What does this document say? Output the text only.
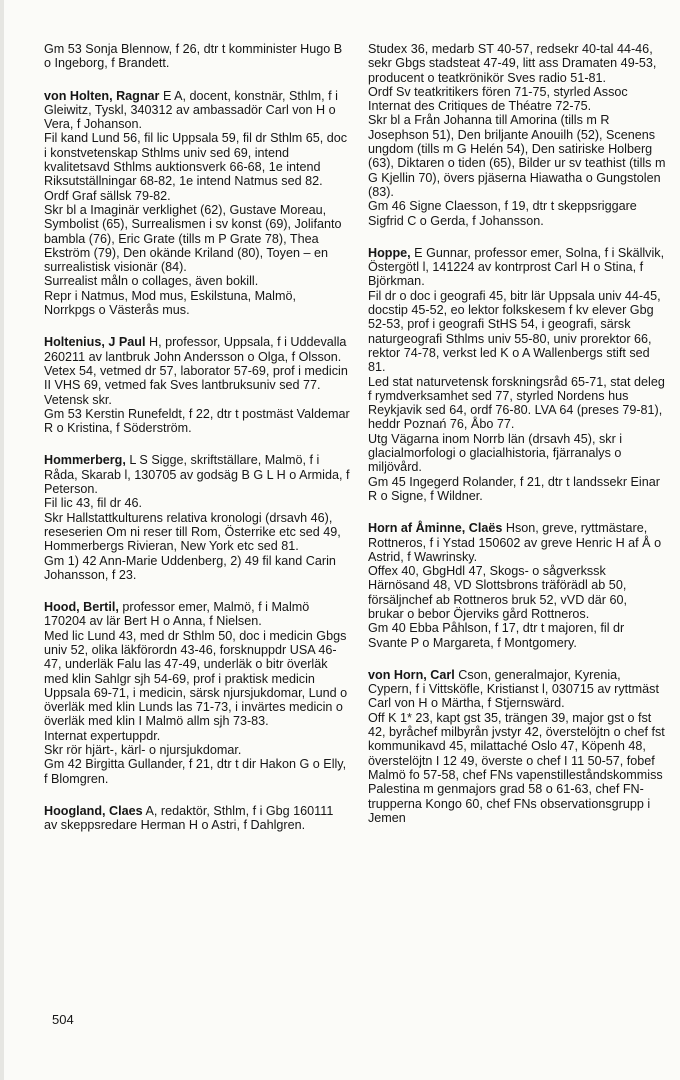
Gm 53 Sonja Blennow, f 26, dtr t komminister Hugo B o Ingeborg, f Brandett.

von Holten, Ragnar E A, docent, konstnär, Sthlm, f i Gleiwitz, Tyskl, 340312 av ambassadör Carl von H o Vera, f Johanson.

Fil kand Lund 56, fil lic Uppsala 59, fil dr Sthlm 65, doc i konstvetenskap Sthlms univ sed 69, intend kvalitetsavd Sthlms auktionsverk 66-68, 1e intend Riksutställningar 68-82, 1e intend Natmus sed 82.

Ordf Graf sällsk 79-82.

Skr bl a Imaginär verklighet (62), Gustave Moreau, Symbolist (65), Surrealismen i sv konst (69), Jolifanto bambla (76), Eric Grate (tills m P Grate 78), Thea Ekström (79), Den okände Kriland (80), Toyen – en surrealistisk visionär (84).

Surrealist måln o collages, även bokill.

Repr i Natmus, Mod mus, Eskilstuna, Malmö, Norrkpgs o Västerås mus.

Holtenius, J Paul H, professor, Uppsala, f i Uddevalla 260211 av lantbruk John Andersson o Olga, f Olsson.

Vetex 54, vetmed dr 57, laborator 57-69, prof i medicin II VHS 69, vetmed fak Sves lantbruksuniv sed 77.

Vetensk skr.

Gm 53 Kerstin Runefeldt, f 22, dtr t postmäst Valdemar R o Kristina, f Söderström.

Hommerberg, L S Sigge, skriftställare, Malmö, f i Råda, Skarab l, 130705 av godsäg B G L H o Armida, f Peterson.

Fil lic 43, fil dr 46.

Skr Hallstattkulturens relativa kronologi (drsavh 46), reseserien Om ni reser till Rom, Österrike etc sed 49, Hommerbergs Rivieran, New York etc sed 81.

Gm 1) 42 Ann-Marie Uddenberg, 2) 49 fil kand Carin Johansson, f 23.

Hood, Bertil, professor emer, Malmö, f i Malmö 170204 av lär Bert H o Anna, f Nielsen.

Med lic Lund 43, med dr Sthlm 50, doc i medicin Gbgs univ 52, olika läkförordn 43-46, forsknuppdr USA 46-47, underläk Falu las 47-49, underläk o bitr överläk med klin Sahlgr sjh 54-69, prof i praktisk medicin Uppsala 69-71, i medicin, särsk njursjukdomar, Lund o överläk med klin Lunds las 71-73, i invärtes medicin o överläk med klin I Malmö allm sjh 73-83.

Internat expertuppdr.

Skr rör hjärt-, kärl- o njursjukdomar.

Gm 42 Birgitta Gullander, f 21, dtr t dir Hakon G o Elly, f Blomgren.

Hoogland, Claes A, redaktör, Sthlm, f i Gbg 160111 av skeppsredare Herman H o Astri, f Dahlgren.

Studex 36, medarb ST 40-57, redsekr 40-tal 44-46, sekr Gbgs stadsteat 47-49, litt ass Dramaten 49-53, producent o teatkrönikör Sves radio 51-81.

Ordf Sv teatkritikers fören 71-75, styrled Assoc Internat des Critiques de Théatre 72-75.

Skr bl a Från Johanna till Amorina (tills m R Josephson 51), Den briljante Anouilh (52), Scenens ungdom (tills m G Helén 54), Den satiriske Holberg (63), Diktaren o tiden (65), Bilder ur sv teathist (tills m G Kjellin 70), övers pjäserna Hiawatha o Gungstolen (83).

Gm 46 Signe Claesson, f 19, dtr t skeppsriggare Sigfrid C o Gerda, f Johansson.

Hoppe, E Gunnar, professor emer, Solna, f i Skällvik, Östergötl l, 141224 av kontrprost Carl H o Stina, f Björkman.

Fil dr o doc i geografi 45, bitr lär Uppsala univ 44-45, docstip 45-52, eo lektor folkskesem f kv elever Gbg 52-53, prof i geografi StHS 54, i geografi, särsk naturgeografi Sthlms univ 55-80, univ prorektor 66, rektor 74-78, verkst led K o A Wallenbergs stift sed 81.

Led stat naturvetensk forskningsråd 65-71, stat deleg f rymdverksamhet sed 77, styrled Nordens hus Reykjavik sed 64, ordf 76-80. LVA 64 (preses 79-81), heddr Poznań 76, Åbo 77.

Utg Vägarna inom Norrb län (drsavh 45), skr i glacialmorfologi o glacialhistoria, fjärranalys o miljövård.

Gm 45 Ingegerd Rolander, f 21, dtr t landssekr Einar R o Signe, f Wildner.

Horn af Åminne, Claës Hson, greve, ryttmästare, Rottneros, f i Ystad 150602 av greve Henric H af Å o Astrid, f Wawrinsky.

Offex 40, GbgHdl 47, Skogs- o sågverkssk Härnösand 48, VD Slottsbrons träförädl ab 50, försäljnchef ab Rottneros bruk 52, vVD där 60, brukar o bebor Öjerviks gård Rottneros.

Gm 40 Ebba Påhlson, f 17, dtr t majoren, fil dr Svante P o Margareta, f Montgomery.

von Horn, Carl Cson, generalmajor, Kyrenia, Cypern, f i Vittsköfle, Kristianst l, 030715 av ryttmäst Carl von H o Märtha, f Stjernswärd.

Off K 1* 23, kapt gst 35, trängen 39, major gst o fst 42, byråchef milbyrån jvstyr 42, överstelöjtn o chef fst kommunikavd 45, milattaché Oslo 47, Köpenh 48, överstelöjtn I 12 49, överste o chef I 11 50-57, fobef Malmö fo 57-58, chef FNs vapenstilleståndskommiss Palestina m genmajors grad 58 o 61-63, chef FN-trupperna Kongo 60, chef FNs observationsgrupp i Jemen

504
